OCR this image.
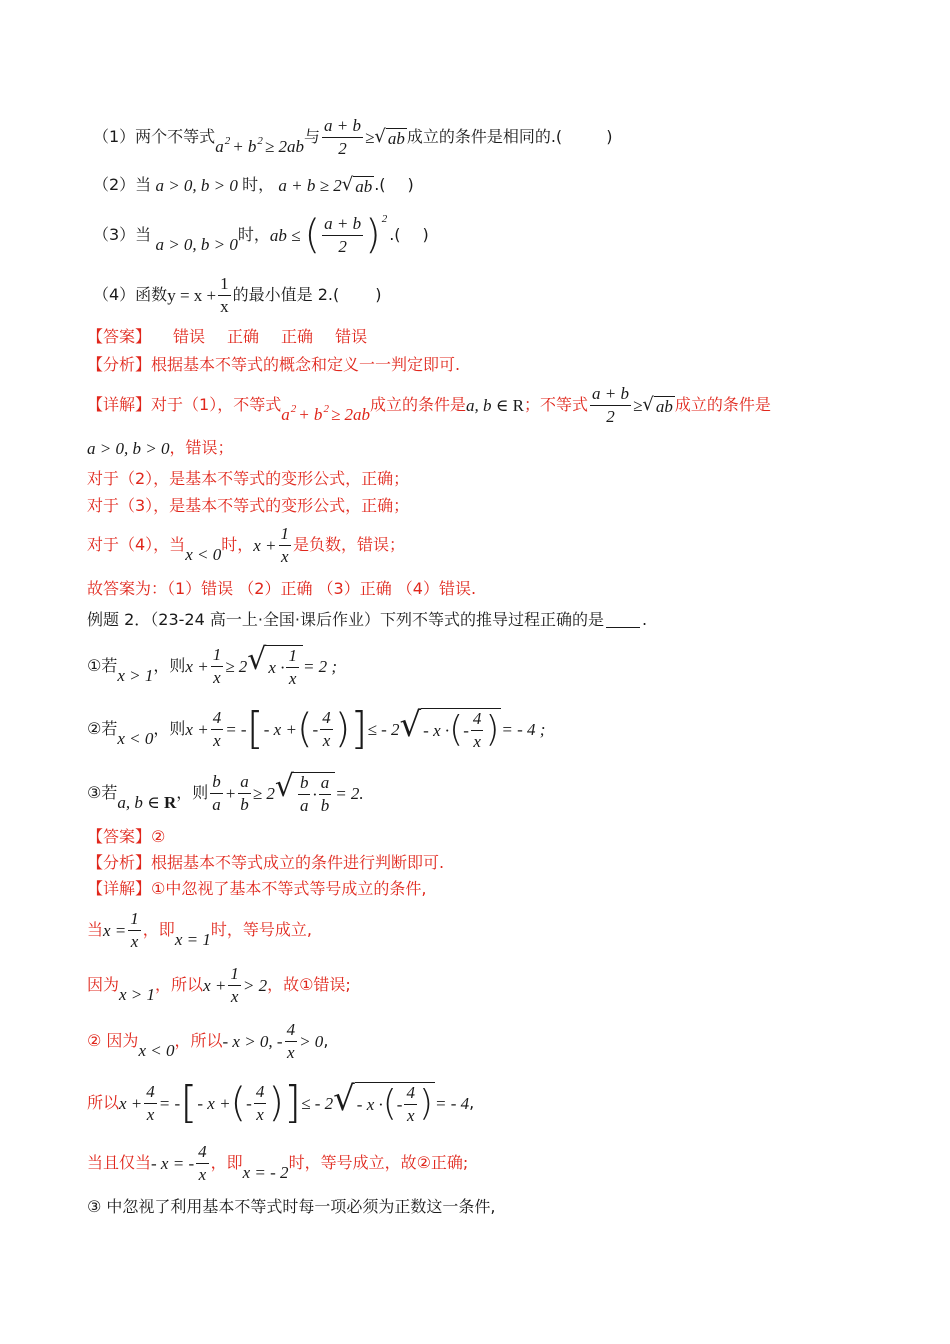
（1）两个不等式 $a^2 + b^2 \ge 2ab$ 与 $\frac{a + b}{2}$ ≥ √ ab 成立的条件是相同的.(	)
（2）当 a > 0, b > 0 时， a + b ≥ 2 √ ab .( )
（3）当 a > 0, b > 0 时， ab ≤ ( $\frac{a + b}{2}$ ) 2
.( )
（4）函数 $y = x + \frac{1}{x}$ 的最小值是 2.( )
【答案】 错误 正确 正确 错误
【分析】 根据基本不等式的概念和定义一一判定即可.
【详解】 对于（1），不等式 $a^2 + b^2 \ge 2ab$ 成立的条件是 a, b ∈ R ；不等式 $\frac{a + b}{2}$ ≥ √ ab 成立的条件是
a > 0, b > 0 ，错误；
对于（2），是基本不等式的变形公式，正确；
对于（3），是基本不等式的变形公式，正确；
对于（4），当 x < 0 时， $x + \frac{1}{x}$ 是负数，错误；
故答案为：（1）错误 （2）正确 （3）正确 （4）错误.
例题 2．（23-24 高一上·全国·课后作业）下列不等式的推导过程正确的是 .
① 若 x > 1 ，则 $x + \frac{1}{x} \ge 2$ √ $x \cdot \frac{1}{x} = 2$ ;
② 若 x < 0 ，则 $x + \frac{4}{x}$ = - [ - x + ( - $\frac{4}{x}$ ) ] ≤ - 2 √ - x · ( - $\frac{4}{x}$ ) = - 4 ;
③ 若 a, b ∈ R ，则 $\frac{b}{a} + \frac{a}{b} \ge 2$ √ $\frac{b}{a} \cdot \frac{a}{b} = 2$.
【答案】 ②
【分析】 根据基本不等式成立的条件进行判断即可.
【详解】 ①中忽视了基本不等式等号成立的条件,
当 $x = \frac{1}{x}$ ，即 x = 1 时，等号成立,
因为 x > 1 ，所以 $x + \frac{1}{x} > 2$ ，故①错误;
② 因为 x < 0 ，所以 - x > 0, - $\frac{4}{x} > 0$ ,
所以 $x + \frac{4}{x}$ = - [ - x + ( - $\frac{4}{x}$ ) ] ≤ - 2 √ - x · ( - $\frac{4}{x}$ ) = - 4 ,
当且仅当 - x = - $\frac{4}{x}$ ，即 x = - 2 时，等号成立，故②正确;
③ 中忽视了利用基本不等式时每一项必须为正数这一条件,
